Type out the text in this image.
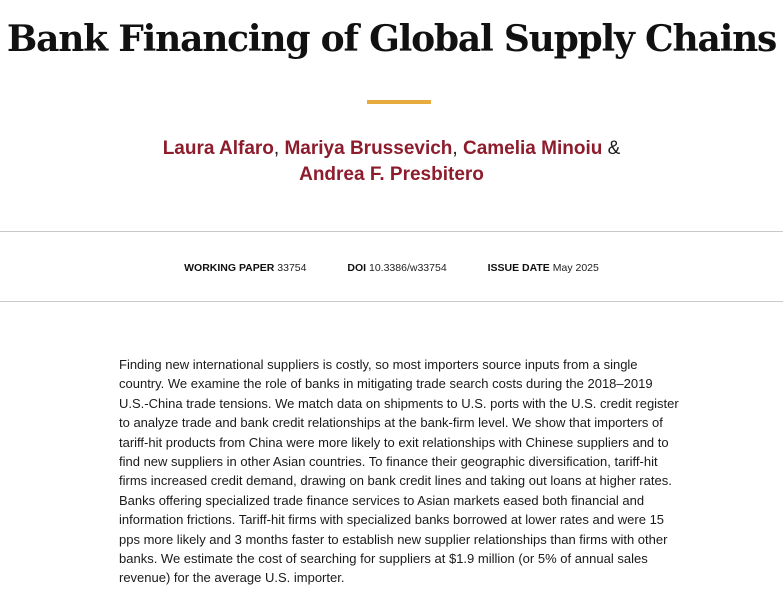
Bank Financing of Global Supply Chains
Laura Alfaro, Mariya Brussevich, Camelia Minoiu &
Andrea F. Presbitero
WORKING PAPER 33754	DOI 10.3386/w33754	ISSUE DATE May 2025

Finding new international suppliers is costly, so most importers source inputs from a single country. We examine the role of banks in mitigating trade search costs during the 2018–2019 U.S.-China trade tensions. We match data on shipments to U.S. ports with the U.S. credit register to analyze trade and bank credit relationships at the bank-firm level. We show that importers of tariff-hit products from China were more likely to exit relationships with Chinese suppliers and to find new suppliers in other Asian countries. To finance their geographic diversification, tariff-hit firms increased credit demand, drawing on bank credit lines and taking out loans at higher rates. Banks offering specialized trade finance services to Asian markets eased both financial and information frictions. Tariff-hit firms with specialized banks borrowed at lower rates and were 15 pps more likely and 3 months faster to establish new supplier relationships than firms with other banks. We estimate the cost of searching for suppliers at $1.9 million (or 5% of annual sales revenue) for the average U.S. importer.
